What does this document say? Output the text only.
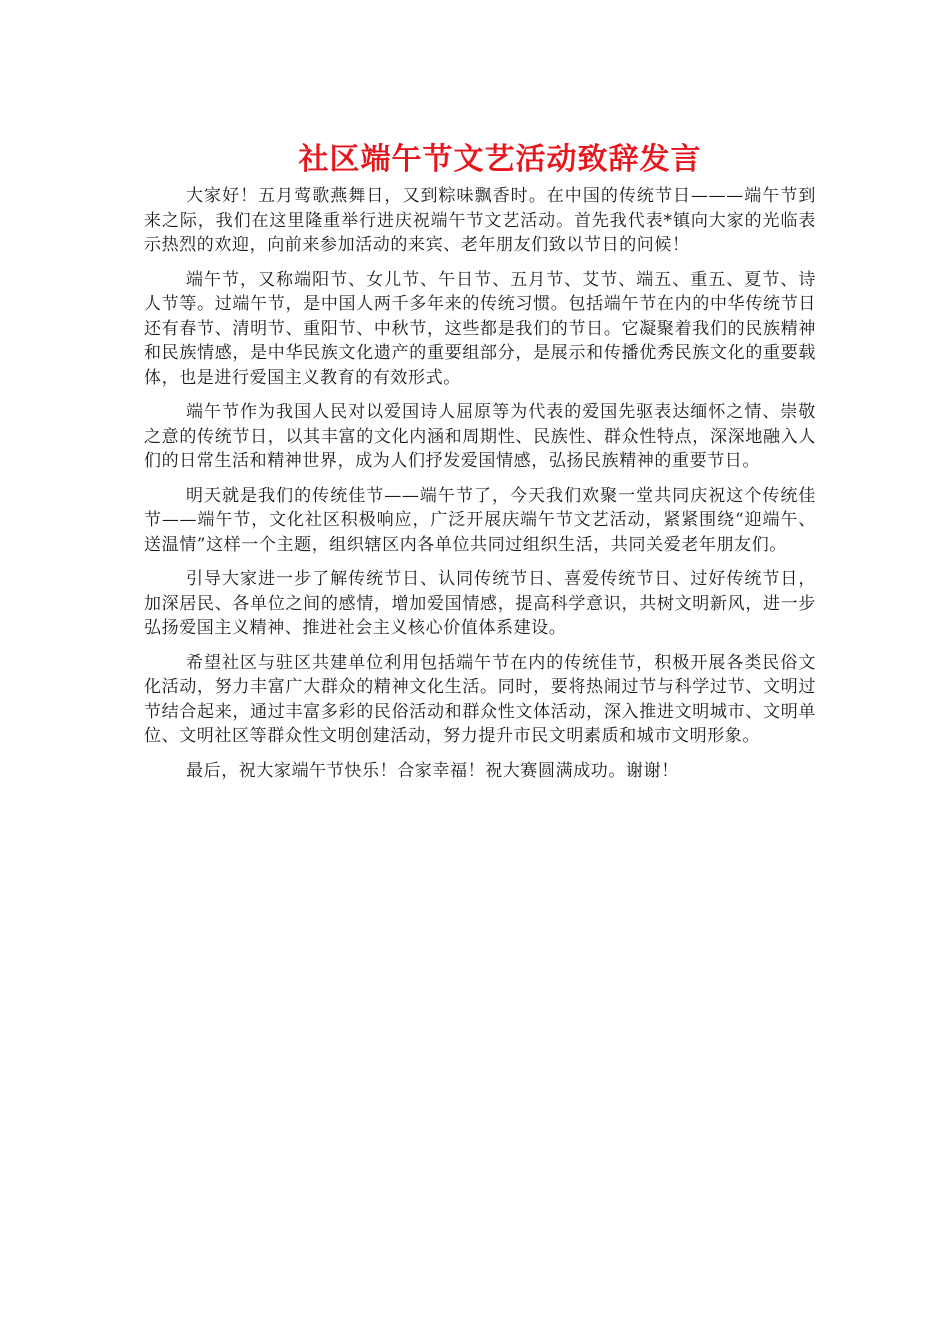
社区端午节文艺活动致辞发言

大家好！五月莺歌燕舞日，又到粽味飘香时。在中国的传统节日———端午节到来之际，我们在这里隆重举行进庆祝端午节文艺活动。首先我代表*镇向大家的光临表示热烈的欢迎，向前来参加活动的来宾、老年朋友们致以节日的问候！

端午节，又称端阳节、女儿节、午日节、五月节、艾节、端五、重五、夏节、诗人节等。过端午节，是中国人两千多年来的传统习惯。包括端午节在内的中华传统节日还有春节、清明节、重阳节、中秋节，这些都是我们的节日。它凝聚着我们的民族精神和民族情感，是中华民族文化遗产的重要组部分，是展示和传播优秀民族文化的重要载体，也是进行爱国主义教育的有效形式。

端午节作为我国人民对以爱国诗人屈原等为代表的爱国先驱表达缅怀之情、崇敬之意的传统节日，以其丰富的文化内涵和周期性、民族性、群众性特点，深深地融入人们的日常生活和精神世界，成为人们抒发爱国情感，弘扬民族精神的重要节日。

明天就是我们的传统佳节——端午节了，今天我们欢聚一堂共同庆祝这个传统佳节——端午节，文化社区积极响应，广泛开展庆端午节文艺活动，紧紧围绕“迎端午、送温情”这样一个主题，组织辖区内各单位共同过组织生活，共同关爱老年朋友们。

引导大家进一步了解传统节日、认同传统节日、喜爱传统节日、过好传统节日，加深居民、各单位之间的感情，增加爱国情感，提高科学意识，共树文明新风，进一步弘扬爱国主义精神、推进社会主义核心价值体系建设。

希望社区与驻区共建单位利用包括端午节在内的传统佳节，积极开展各类民俗文化活动，努力丰富广大群众的精神文化生活。同时，要将热闹过节与科学过节、文明过节结合起来，通过丰富多彩的民俗活动和群众性文体活动，深入推进文明城市、文明单位、文明社区等群众性文明创建活动，努力提升市民文明素质和城市文明形象。

最后，祝大家端午节快乐！合家幸福！祝大赛圆满成功。谢谢！
